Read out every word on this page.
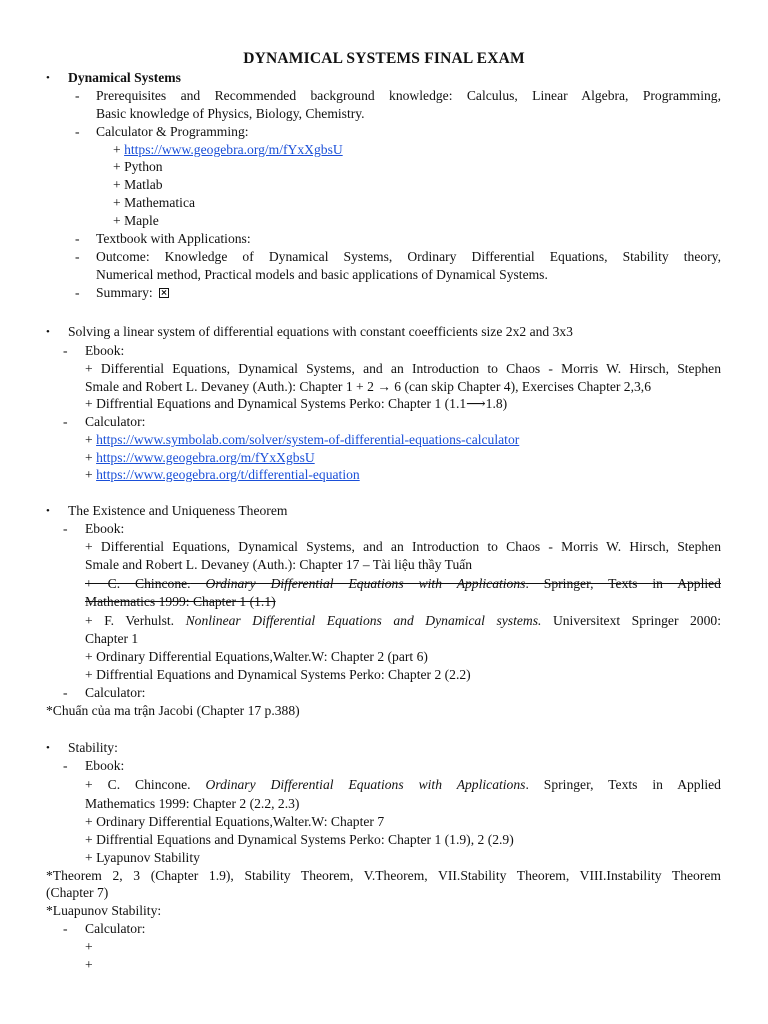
DYNAMICAL SYSTEMS FINAL EXAM
• Dynamical Systems
- Prerequisites and Recommended background knowledge: Calculus, Linear Algebra, Programming,
Basic knowledge of Physics, Biology, Chemistry.
- Calculator & Programming:
+ https://www.geogebra.org/m/fYxXgbsU
+ Python
+ Matlab
+ Mathematica
+ Maple
- Textbook with Applications:
- Outcome: Knowledge of Dynamical Systems, Ordinary Differential Equations, Stability theory,
Numerical method, Practical models and basic applications of Dynamical Systems.
- Summary:
• Solving a linear system of differential equations with constant coeefficients size 2x2 and 3x3
- Ebook:
+ Differential Equations, Dynamical Systems, and an Introduction to Chaos - Morris W. Hirsch, Stephen
Smale and Robert L. Devaney (Auth.): Chapter 1 + 2 → 6 (can skip Chapter 4), Exercises Chapter 2,3,6
+ Diffrential Equations and Dynamical Systems Perko: Chapter 1 (1.1⟶1.8)
- Calculator:
+ https://www.symbolab.com/solver/system-of-differential-equations-calculator
+ https://www.geogebra.org/m/fYxXgbsU
+ https://www.geogebra.org/t/differential-equation
• The Existence and Uniqueness Theorem
- Ebook:
+ Differential Equations, Dynamical Systems, and an Introduction to Chaos - Morris W. Hirsch, Stephen
Smale and Robert L. Devaney (Auth.): Chapter 17 – Tài liệu thầy Tuấn
+ C. Chincone. Ordinary Differential Equations with Applications. Springer, Texts in Applied
Mathematics 1999: Chapter 1 (1.1)
+ F. Verhulst. Nonlinear Differential Equations and Dynamical systems. Universitext Springer 2000:
Chapter 1
+ Ordinary Differential Equations,Walter.W: Chapter 2 (part 6)
+ Diffrential Equations and Dynamical Systems Perko: Chapter 2 (2.2)
- Calculator:
*Chuẩn của ma trận Jacobi (Chapter 17 p.388)
• Stability:
- Ebook:
+ C. Chincone. Ordinary Differential Equations with Applications. Springer, Texts in Applied
Mathematics 1999: Chapter 2 (2.2, 2.3)
+ Ordinary Differential Equations,Walter.W: Chapter 7
+ Diffrential Equations and Dynamical Systems Perko: Chapter 1 (1.9), 2 (2.9)
+ Lyapunov Stability
*Theorem 2, 3 (Chapter 1.9), Stability Theorem, V.Theorem, VII.Stability Theorem, VIII.Instability Theorem
(Chapter 7)
*Luapunov Stability:
- Calculator:
+
+
